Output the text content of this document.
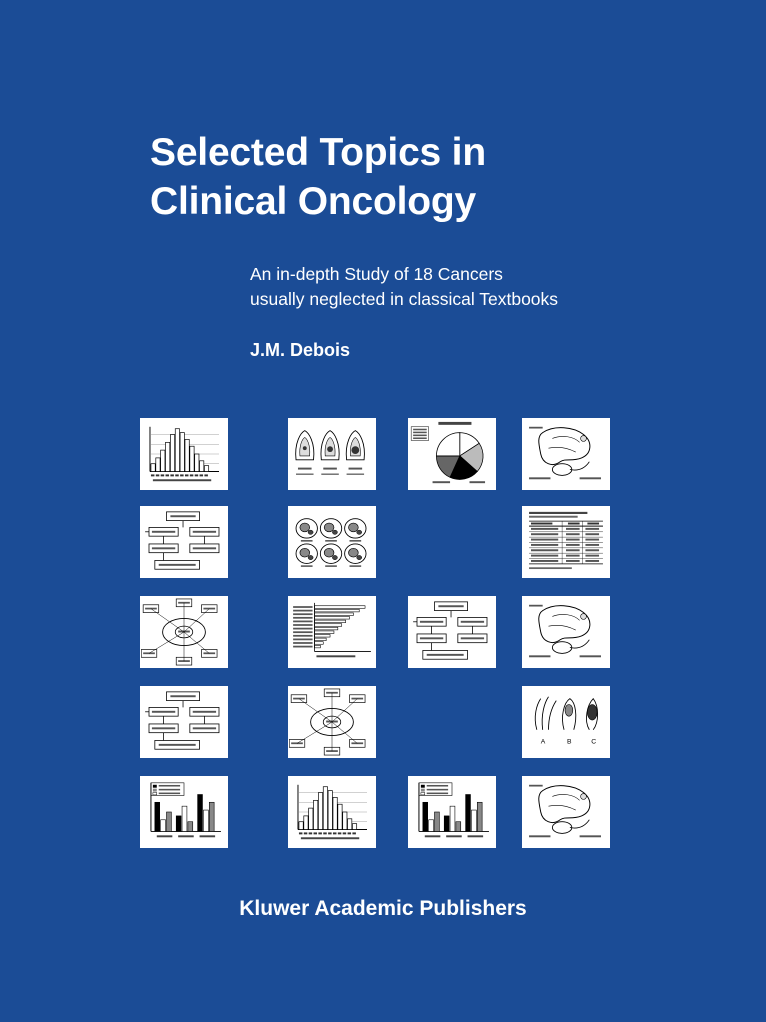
Selected Topics in
Clinical Oncology
An in-depth Study of 18 Cancers
usually neglected in classical Textbooks
J.M. Debois
A	B	C
Kluwer Academic Publishers
